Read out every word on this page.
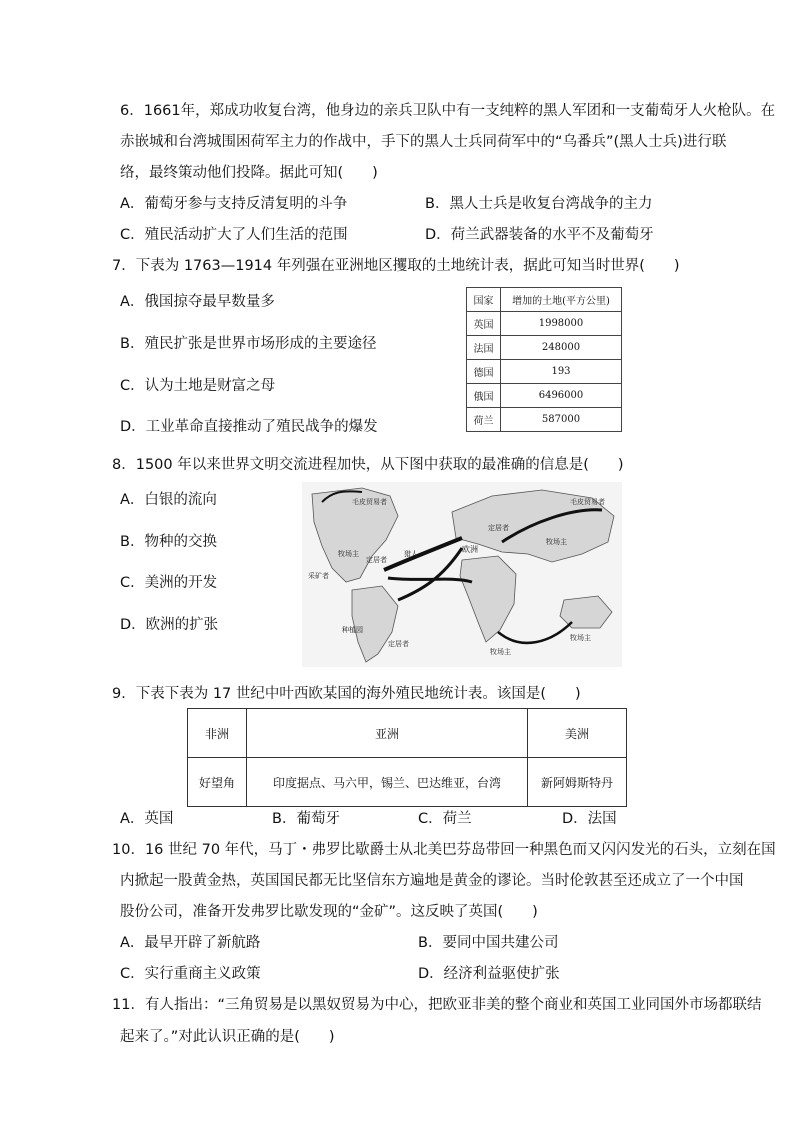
6．1661年，郑成功收复台湾，他身边的亲兵卫队中有一支纯粹的黑人军团和一支葡萄牙人火枪队。在
赤嵌城和台湾城围困荷军主力的作战中，手下的黑人士兵同荷军中的“乌番兵”(黑人士兵)进行联
络，最终策动他们投降。据此可知(　　)
A．葡萄牙参与支持反清复明的斗争	B．黑人士兵是收复台湾战争的主力
C．殖民活动扩大了人们生活的范围	D．荷兰武器装备的水平不及葡萄牙
7．下表为 1763—1914 年列强在亚洲地区攫取的土地统计表，据此可知当时世界(　　)
A．俄国掠夺最早数量多
B．殖民扩张是世界市场形成的主要途径
C．认为土地是财富之母
D．工业革命直接推动了殖民战争的爆发
国家	增加的土地(平方公里)
英国	1998000
法国	248000
德国	193
俄国	6496000
荷兰	587000
8．1500 年以来世界文明交流进程加快，从下图中获取的最准确的信息是(　　)
A．白银的流向
B．物种的交换
C．美洲的开发
D．欧洲的扩张
毛皮贸易者	毛皮贸易者
牧场主
牧场主
定居者
定居者
采矿者
种植园
猎人	欧洲
牧场主
牧场主
定居者
9．下表下表为 17 世纪中叶西欧某国的海外殖民地统计表。该国是(　　)
非洲	亚洲	美洲
好望角	印度据点、马六甲，锡兰、巴达维亚，台湾	新阿姆斯特丹
A．英国	B．葡萄牙	C．荷兰	D．法国
10．16 世纪 70 年代，马丁・弗罗比歇爵士从北美巴芬岛带回一种黑色而又闪闪发光的石头，立刻在国
内掀起一股黄金热，英国国民都无比坚信东方遍地是黄金的谬论。当时伦敦甚至还成立了一个中国
股份公司，准备开发弗罗比歇发现的“金矿”。这反映了英国(　　)
A．最早开辟了新航路	B．要同中国共建公司
C．实行重商主义政策	D．经济利益驱使扩张
11．有人指出：“三角贸易是以黑奴贸易为中心，把欧亚非美的整个商业和英国工业同国外市场都联结
起来了。”对此认识正确的是(　　)
